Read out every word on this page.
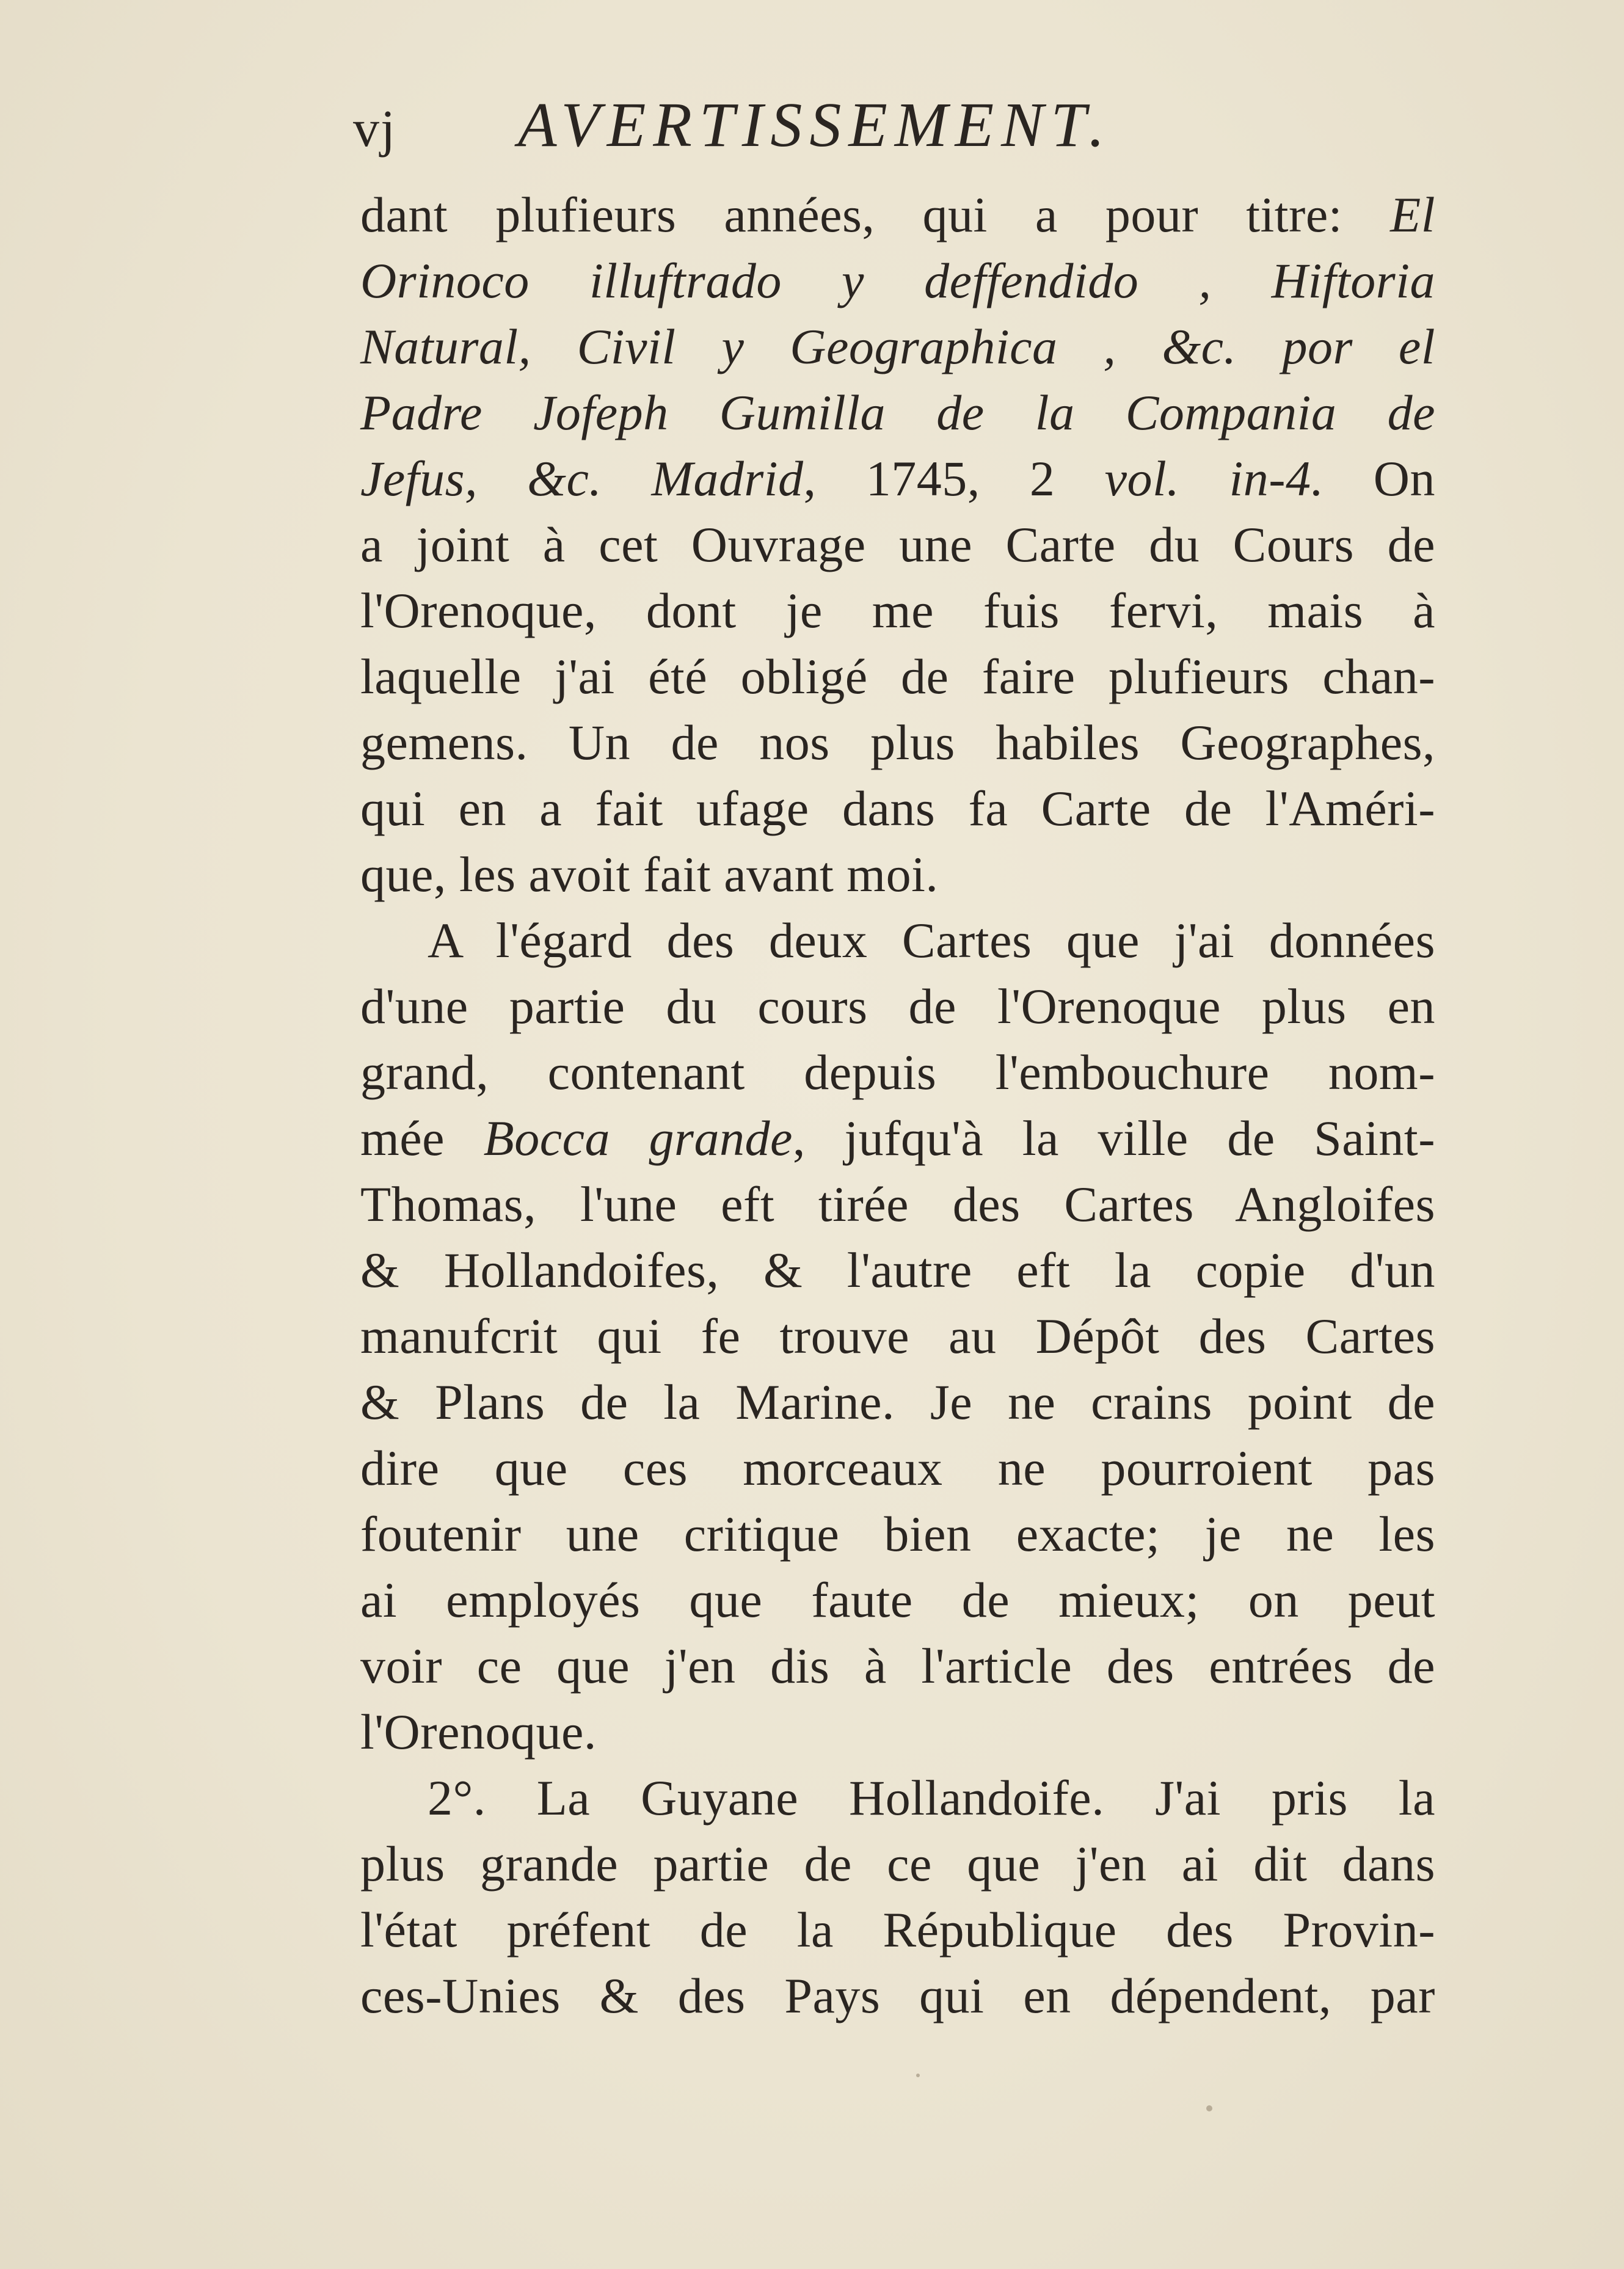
vj AVERTISSEMENT.
dant plufieurs années, qui a pour titre: El
Orinoco illuftrado y deffendido , Hiftoria
Natural, Civil y Geographica , &c. por el
Padre Jofeph Gumilla de la Compania de
Jefus, &c. Madrid, 1745, 2 vol. in-4. On
a joint à cet Ouvrage une Carte du Cours de
l'Orenoque, dont je me fuis fervi, mais à
laquelle j'ai été obligé de faire plufieurs chan-
gemens. Un de nos plus habiles Geographes,
qui en a fait ufage dans fa Carte de l'Améri-
que, les avoit fait avant moi.
A l'égard des deux Cartes que j'ai données
d'une partie du cours de l'Orenoque plus en
grand, contenant depuis l'embouchure nom-
mée Bocca grande, jufqu'à la ville de Saint-
Thomas, l'une eft tirée des Cartes Angloifes
& Hollandoifes, & l'autre eft la copie d'un
manufcrit qui fe trouve au Dépôt des Cartes
& Plans de la Marine. Je ne crains point de
dire que ces morceaux ne pourroient pas
foutenir une critique bien exacte; je ne les
ai employés que faute de mieux; on peut
voir ce que j'en dis à l'article des entrées de
l'Orenoque.
2°. La Guyane Hollandoife. J'ai pris la
plus grande partie de ce que j'en ai dit dans
l'état préfent de la République des Provin-
ces-Unies & des Pays qui en dépendent, par
